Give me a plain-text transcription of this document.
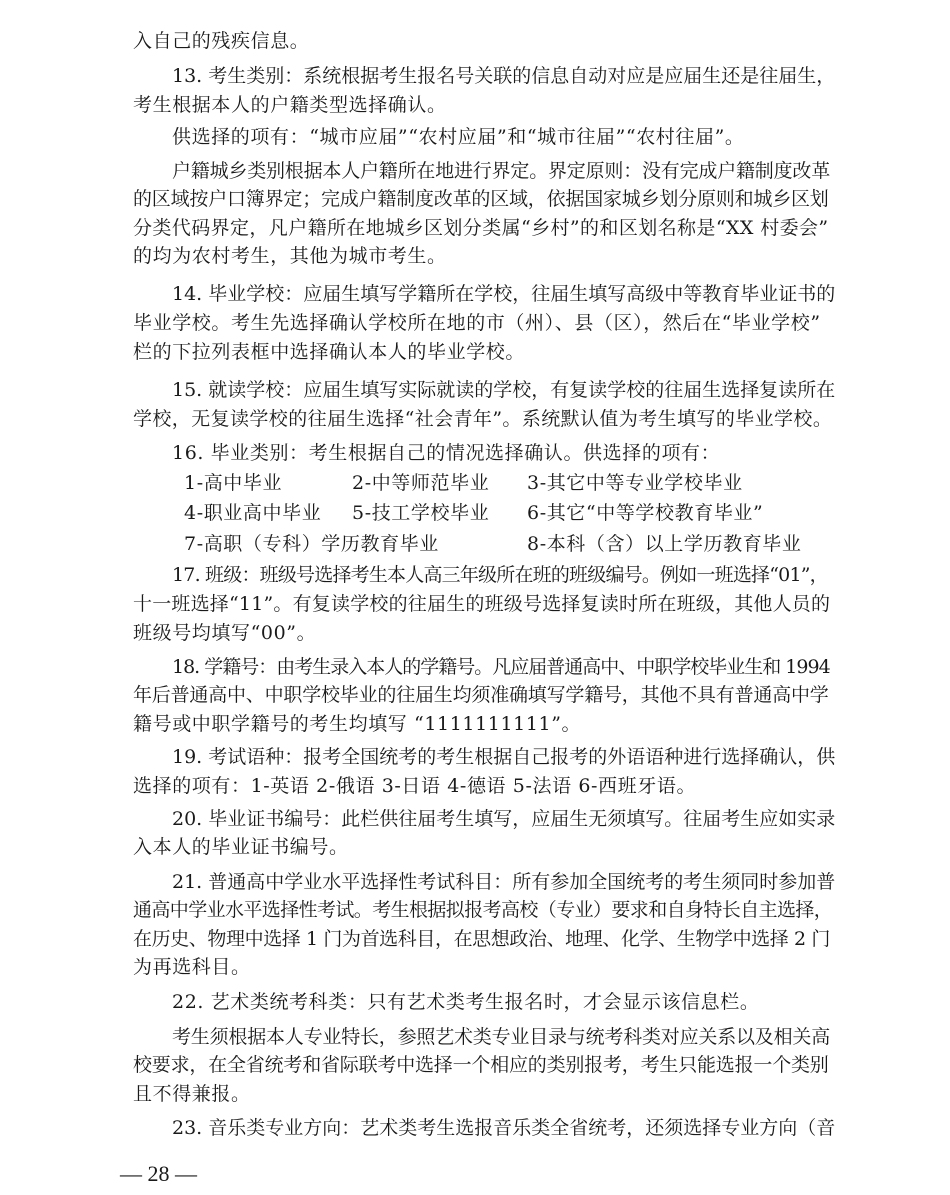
入自己的残疾信息。
13. 考生类别：系统根据考生报名号关联的信息自动对应是应届生还是往届生，
考生根据本人的户籍类型选择确认。
供选择的项有：“城市应届”“农村应届”和“城市往届”“农村往届”。
户籍城乡类别根据本人户籍所在地进行界定。界定原则：没有完成户籍制度改革
的区域按户口簿界定；完成户籍制度改革的区域，依据国家城乡划分原则和城乡区划
分类代码界定，凡户籍所在地城乡区划分类属“乡村”的和区划名称是“XX 村委会”
的均为农村考生，其他为城市考生。
14. 毕业学校：应届生填写学籍所在学校，往届生填写高级中等教育毕业证书的
毕业学校。考生先选择确认学校所在地的市（州）、县（区），然后在“毕业学校”
栏的下拉列表框中选择确认本人的毕业学校。
15. 就读学校：应届生填写实际就读的学校，有复读学校的往届生选择复读所在
学校，无复读学校的往届生选择“社会青年”。系统默认值为考生填写的毕业学校。
16. 毕业类别：考生根据自己的情况选择确认。供选择的项有：
17. 班级：班级号选择考生本人高三年级所在班的班级编号。例如一班选择“01”，
十一班选择“11”。有复读学校的往届生的班级号选择复读时所在班级，其他人员的
班级号均填写“00”。
18. 学籍号：由考生录入本人的学籍号。凡应届普通高中、中职学校毕业生和 1994
年后普通高中、中职学校毕业的往届生均须准确填写学籍号，其他不具有普通高中学
籍号或中职学籍号的考生均填写 “1111111111”。
19. 考试语种：报考全国统考的考生根据自己报考的外语语种进行选择确认，供
选择的项有：1-英语 2-俄语 3-日语 4-德语 5-法语 6-西班牙语。
20. 毕业证书编号：此栏供往届考生填写，应届生无须填写。往届考生应如实录
入本人的毕业证书编号。
21. 普通高中学业水平选择性考试科目：所有参加全国统考的考生须同时参加普
通高中学业水平选择性考试。考生根据拟报考高校（专业）要求和自身特长自主选择，
在历史、物理中选择 1 门为首选科目，在思想政治、地理、化学、生物学中选择 2 门
为再选科目。
22. 艺术类统考科类：只有艺术类考生报名时，才会显示该信息栏。
考生须根据本人专业特长，参照艺术类专业目录与统考科类对应关系以及相关高
校要求，在全省统考和省际联考中选择一个相应的类别报考，考生只能选报一个类别
且不得兼报。
23. 音乐类专业方向：艺术类考生选报音乐类全省统考，还须选择专业方向（音
1-高中毕业	2-中等师范毕业 3-其它中等专业学校毕业
4-职业高中毕业 5-技工学校毕业 6-其它“中等学校教育毕业”
7-高职（专科）学历教育毕业	8-本科（含）以上学历教育毕业
— 28 —
